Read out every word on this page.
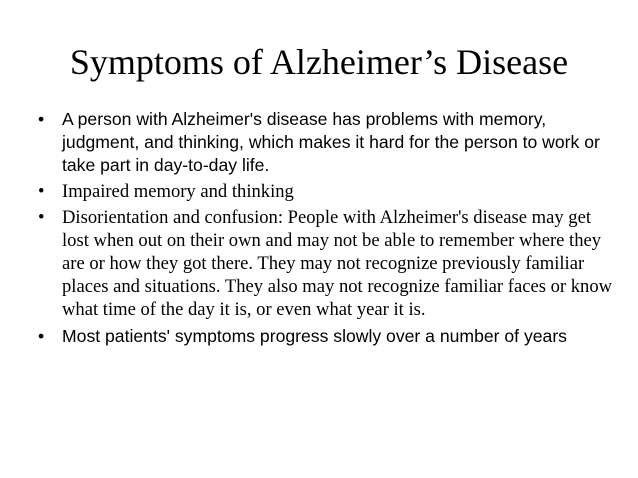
Symptoms of Alzheimer’s Disease
• A person with Alzheimer's disease has problems with memory, judgment, and thinking, which makes it hard for the person to work or take part in day-to-day life.
• Impaired memory and thinking
• Disorientation and confusion: People with Alzheimer's disease may get lost when out on their own and may not be able to remember where they are or how they got there. They may not recognize previously familiar places and situations. They also may not recognize familiar faces or know what time of the day it is, or even what year it is.
• Most patients' symptoms progress slowly over a number of years
